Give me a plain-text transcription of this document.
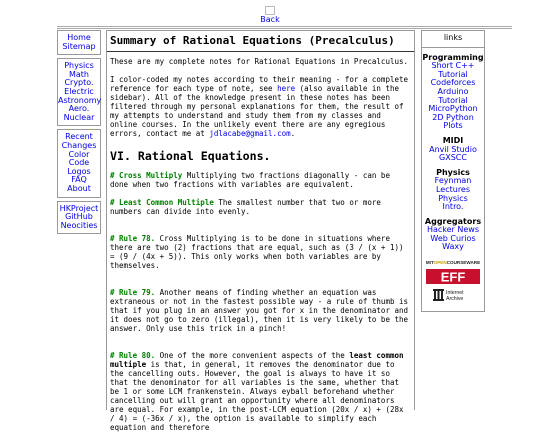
Back
Home
Sitemap
Physics
Math
Crypto.
Electric
Astronomy
Aero.
Nuclear
Recent
Changes
Color
Code
Logos
FAQ
About
HKProject
GitHub
Neocities
Summary of Rational Equations (Precalculus)

These are my complete notes for Rational Equations in Precalculus.

I color-coded my notes according to their meaning - for a complete reference for each type of note, see here (also available in the sidebar). All of the knowledge present in these notes has been filtered through my personal explanations for them, the result of my attempts to understand and study them from my classes and online courses. In the unlikely event there are any egregious errors, contact me at jdlacabe@gmail.com.

VI. Rational Equations.

# Cross Multiply Multiplying two fractions diagonally - can be done when two fractions with variables are equivalent.

# Least Common Multiple The smallest number that two or more numbers can divide into evenly.

# Rule 78. Cross Multiplying is to be done in situations where there are two (2) fractions that are equal, such as (3 / (x + 1)) = (9 / (4x + 5)). This only works when both variables are by themselves.

# Rule 79. Another means of finding whether an equation was extraneous or not in the fastest possible way - a rule of thumb is that if you plug in an answer you got for x in the denominator and it does not go to zero (illegal), then it is very likely to be the answer. Only use this trick in a pinch!

# Rule 80. One of the more convenient aspects of the least common multiple is that, in general, it removes the denominator due to the cancelling outs. However, the goal is always to have it so that the denominator for all variables is the same, whether that be 1 or some LCM frankenstein. Always eyball beforehand whether cancelling out will grant an opportunity where all denominators are equal. For example, in the post-LCM equation (20x / x) + (28x / 4) = (-36x / x), the option is available to simplify each equation and therefore

links
Programming
Short C++
Tutorial
Codeforces
Arduino
Tutorial
MicroPython
2D Python
Plots
MIDI
Anvil Studio
GXSCC
Physics
Feynman
Lectures
Physics
Intro.
Aggregators
Hacker News
Web Curios
Waxy
MITOPENCOURSEWARE
EFF
Internet
Archive
